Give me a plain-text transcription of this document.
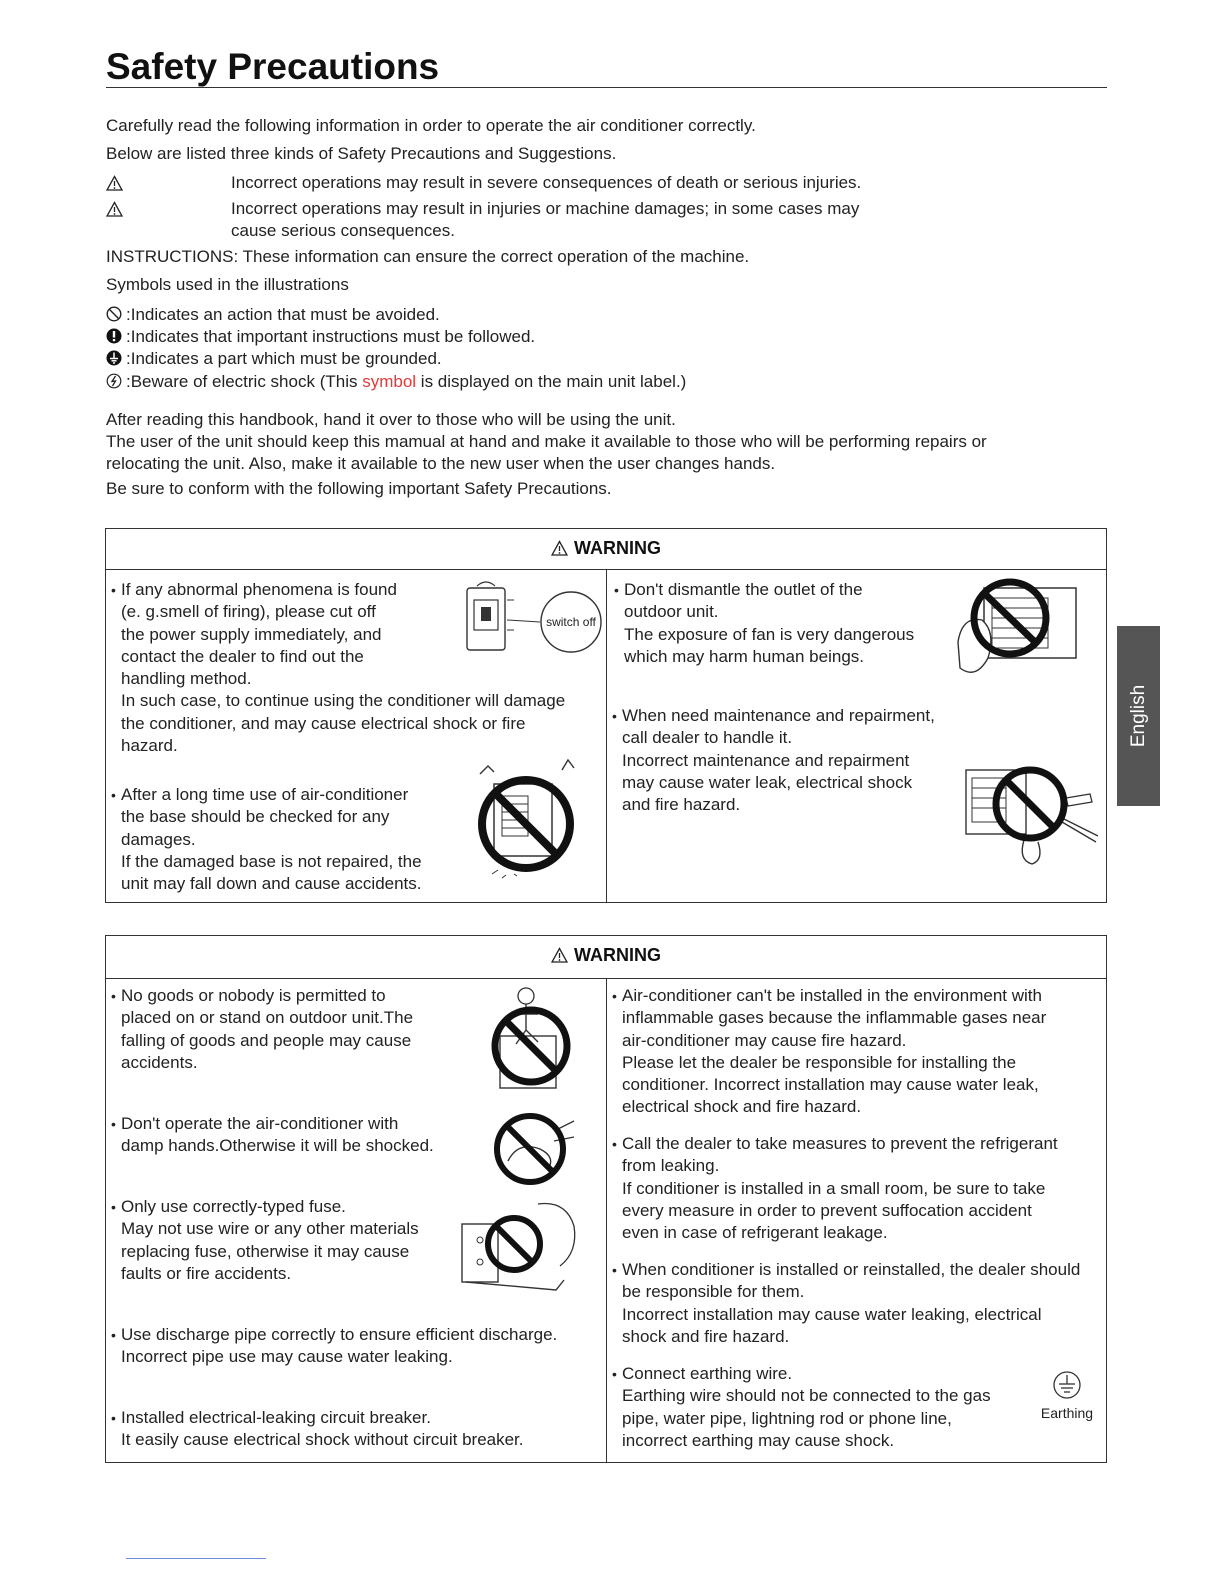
Safety Precautions
Carefully read the following information in order to operate the air conditioner correctly.
Below are listed three kinds of Safety Precautions and Suggestions.
Incorrect operations may result in severe consequences of death or serious injuries.
Incorrect operations may result in injuries or machine damages; in some cases may
cause serious consequences.
INSTRUCTIONS: These information can ensure the correct operation of the machine.
Symbols used in the illustrations
:Indicates an action that must be avoided.
:Indicates that important instructions must be followed.
:Indicates a part which must be grounded.
:Beware of electric shock (This symbol is displayed on the main unit label.)
After reading this handbook, hand it over to those who will be using the unit.
The user of the unit should keep this mamual at hand and make it available to those who will be performing repairs or
relocating the unit. Also, make it available to the new user when the user changes hands.
Be sure to conform with the following important Safety Precautions.
WARNING
• If any abnormal phenomena is found
(e. g.smell of firing), please cut off
the power supply immediately, and
contact the dealer to find out the
handling method.
In such case, to continue using the conditioner will damage
the conditioner, and may cause electrical shock or fire
hazard.
• After a long time use of air-conditioner
the base should be checked for any
damages.
If the damaged base is not repaired, the
unit may fall down and cause accidents.
• Don't dismantle the outlet of the
outdoor unit.
The exposure of fan is very dangerous
which may harm human beings.
• When need maintenance and repairment,
call dealer to handle it.
Incorrect maintenance and repairment
may cause water leak, electrical shock
and fire hazard.
switch off
WARNING
• No goods or nobody is permitted to
placed on or stand on outdoor unit.The
falling of goods and people may cause
accidents.
• Don't operate the air-conditioner with
damp hands.Otherwise it will be shocked.
• Only use correctly-typed fuse.
May not use wire or any other materials
replacing fuse, otherwise it may cause
faults or fire accidents.
• Use discharge pipe correctly to ensure efficient discharge.
Incorrect pipe use may cause water leaking.
• Installed electrical-leaking circuit breaker.
It easily cause electrical shock without circuit breaker.
• Air-conditioner can't be installed in the environment with
inflammable gases because the inflammable gases near
air-conditioner may cause fire hazard.
Please let the dealer be responsible for installing the
conditioner. Incorrect installation may cause water leak,
electrical shock and fire hazard.
• Call the dealer to take measures to prevent the refrigerant
from leaking.
If conditioner is installed in a small room, be sure to take
every measure in order to prevent suffocation accident
even in case of refrigerant leakage.
• When conditioner is installed or reinstalled, the dealer should
be responsible for them.
Incorrect installation may cause water leaking, electrical
shock and fire hazard.
• Connect earthing wire.
Earthing wire should not be connected to the gas
pipe, water pipe, lightning rod or phone line,
incorrect earthing may cause shock.
Earthing
English
